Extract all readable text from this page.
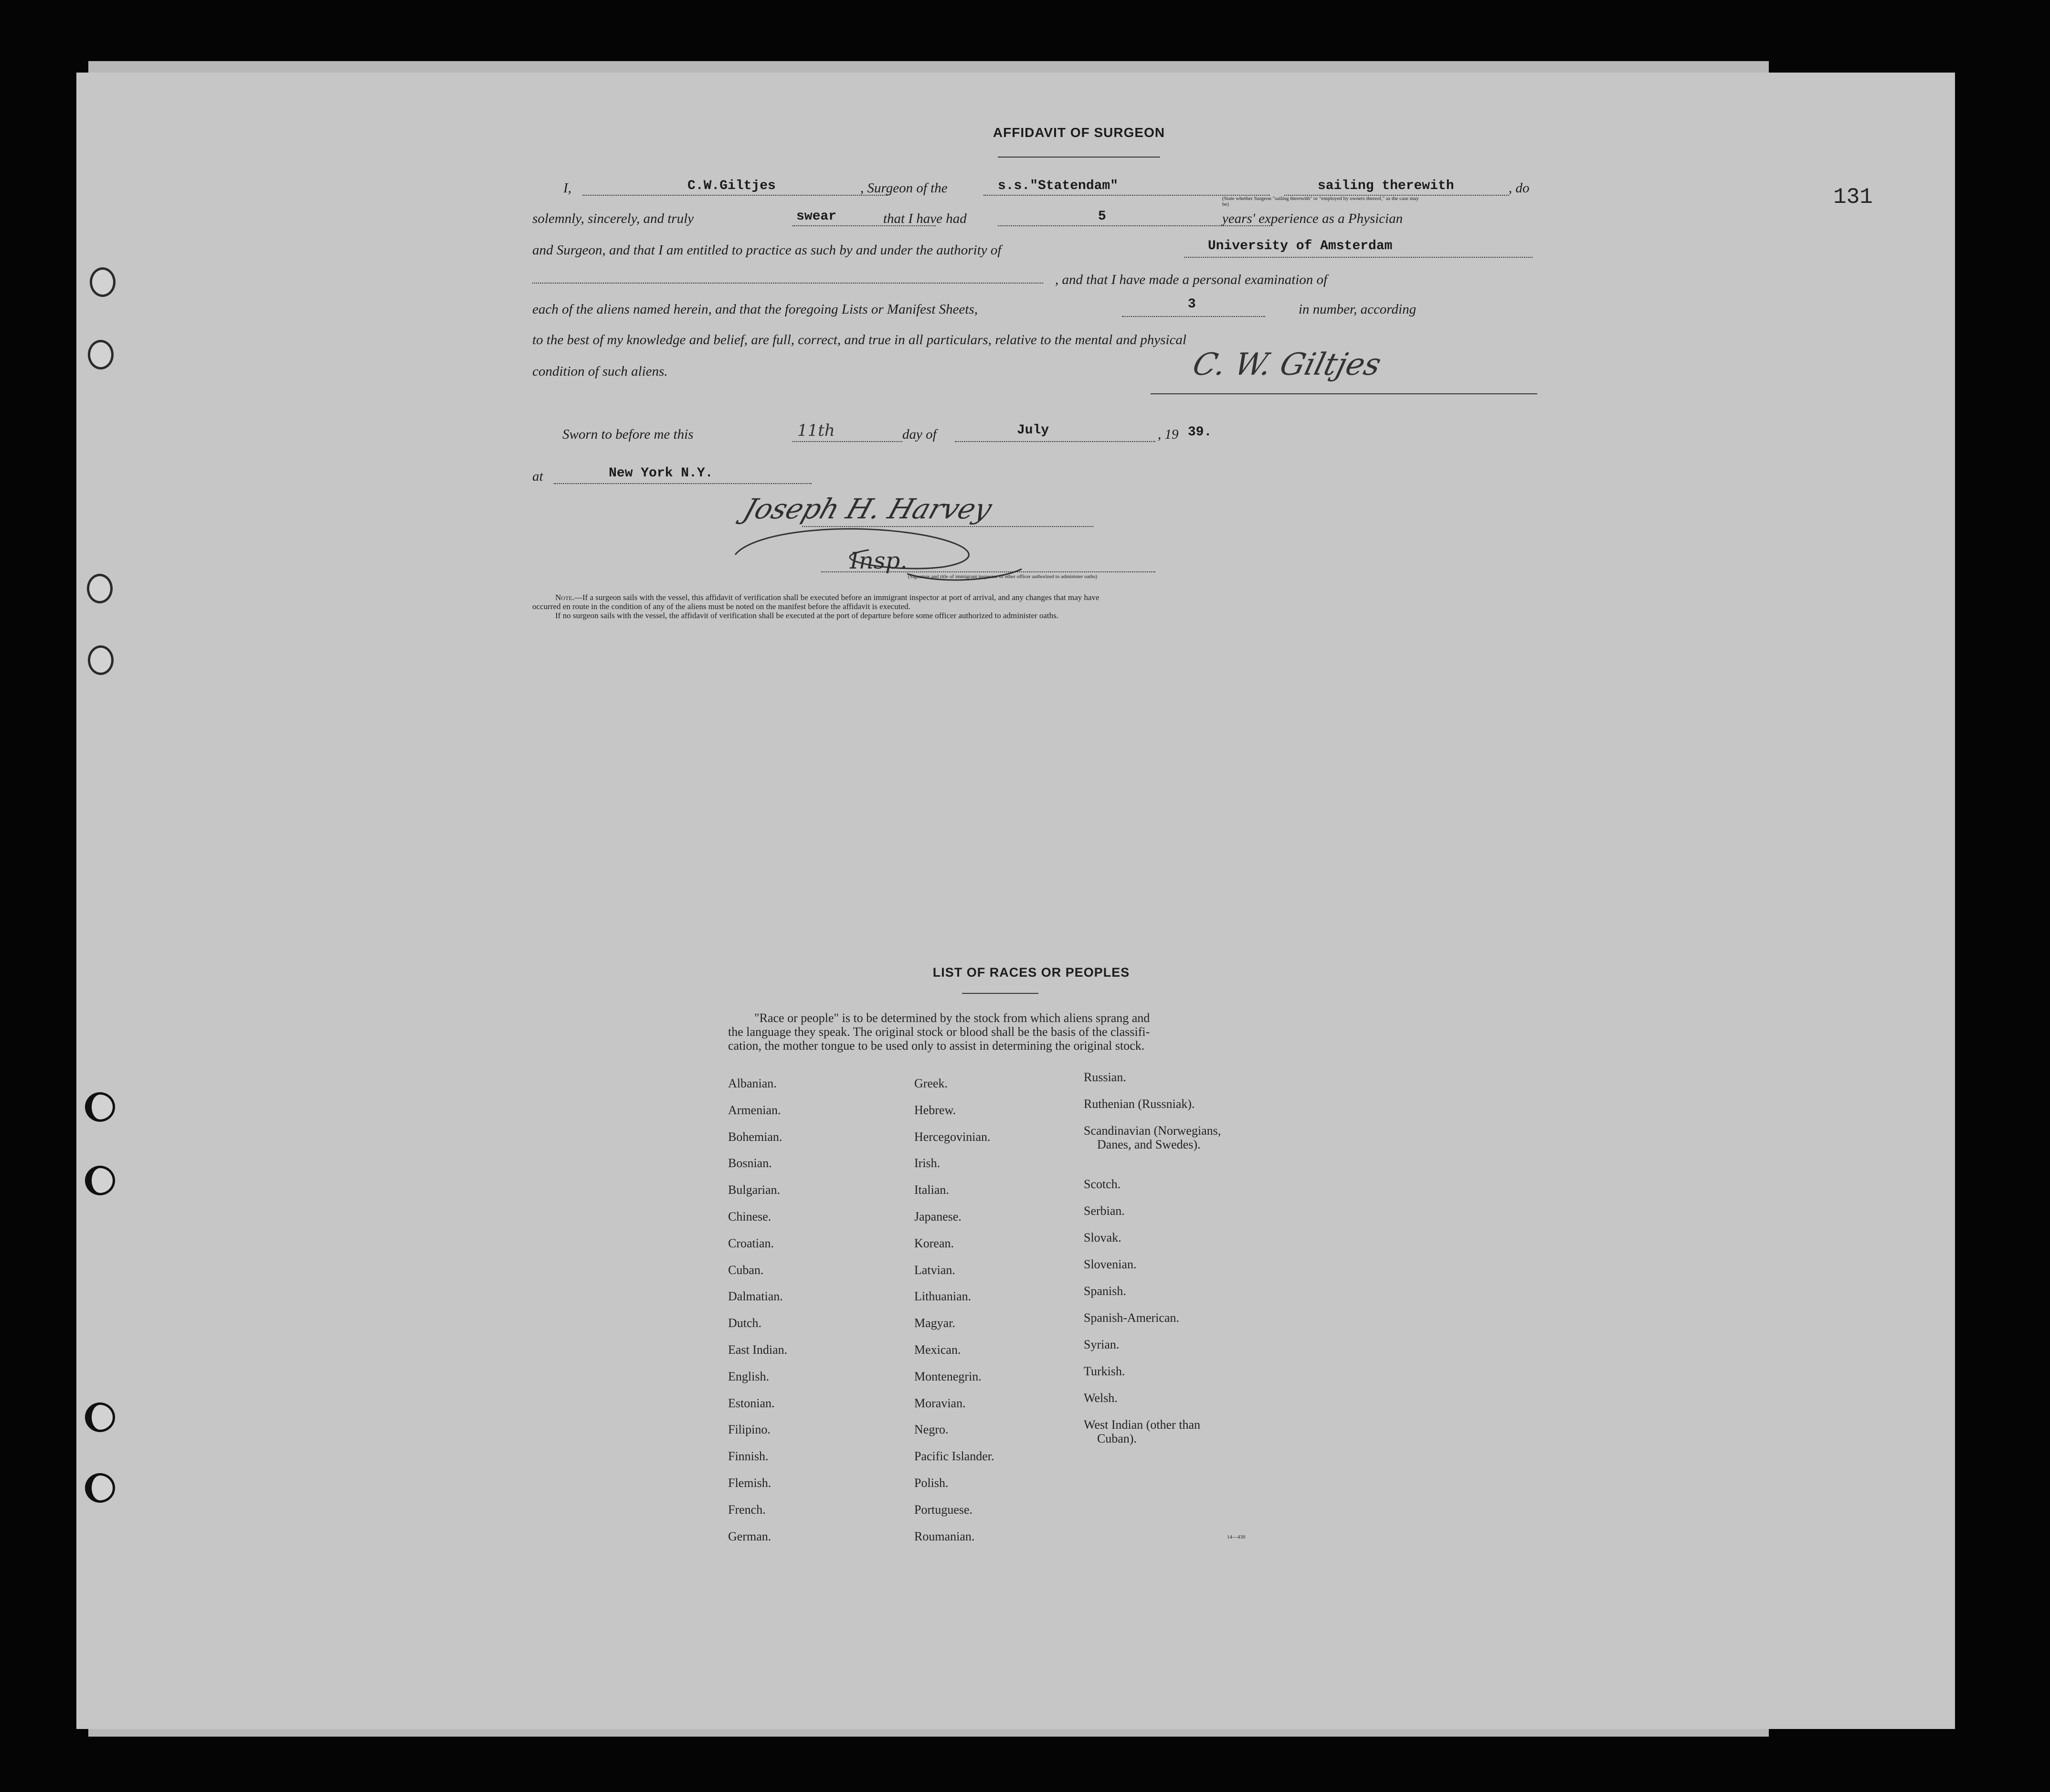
131
AFFIDAVIT OF SURGEON
I,	C.W.Giltjes	, Surgeon of the	s.s."Statendam"	sailing therewith	, do
(State whether Surgeon "sailing therewith" or "employed by owners thereof," as the case may be)
solemnly, sincerely, and truly	swear	that I have had	5	years' experience as a Physician
and Surgeon, and that I am entitled to practice as such by and under the authority of	University of Amsterdam
, and that I have made a personal examination of
each of the aliens named herein, and that the foregoing Lists or Manifest Sheets,	3	in number, according
to the best of my knowledge and belief, are full, correct, and true in all particulars, relative to the mental and physical
condition of such aliens.	C. W. Giltjes
Sworn to before me this	11th	day of	July	, 19 39.
at	New York N.Y.
Joseph H. Harvey
Insp.
(Signature and title of immigrant inspector or other officer authorized to administer oaths)
Note.—If a surgeon sails with the vessel, this affidavit of verification shall be executed before an immigrant inspector at port of arrival, and any changes that may have
occurred en route in the condition of any of the aliens must be noted on the manifest before the affidavit is executed.
If no surgeon sails with the vessel, the affidavit of verification shall be executed at the port of departure before some officer authorized to administer oaths.
LIST OF RACES OR PEOPLES
"Race or people" is to be determined by the stock from which aliens sprang and
the language they speak. The original stock or blood shall be the basis of the classifi-
cation, the mother tongue to be used only to assist in determining the original stock.
Albanian.
Armenian.
Bohemian.
Bosnian.
Bulgarian.
Chinese.
Croatian.
Cuban.
Dalmatian.
Dutch.
East Indian.
English.
Estonian.
Filipino.
Finnish.
Flemish.
French.
German.
Greek.
Hebrew.
Hercegovinian.
Irish.
Italian.
Japanese.
Korean.
Latvian.
Lithuanian.
Magyar.
Mexican.
Montenegrin.
Moravian.
Negro.
Pacific Islander.
Polish.
Portuguese.
Roumanian.
Russian.
Ruthenian (Russniak).
Scandinavian (Norwegians,
Danes, and Swedes).
Scotch.
Serbian.
Slovak.
Slovenian.
Spanish.
Spanish-American.
Syrian.
Turkish.
Welsh.
West Indian (other than
Cuban).
14—430
